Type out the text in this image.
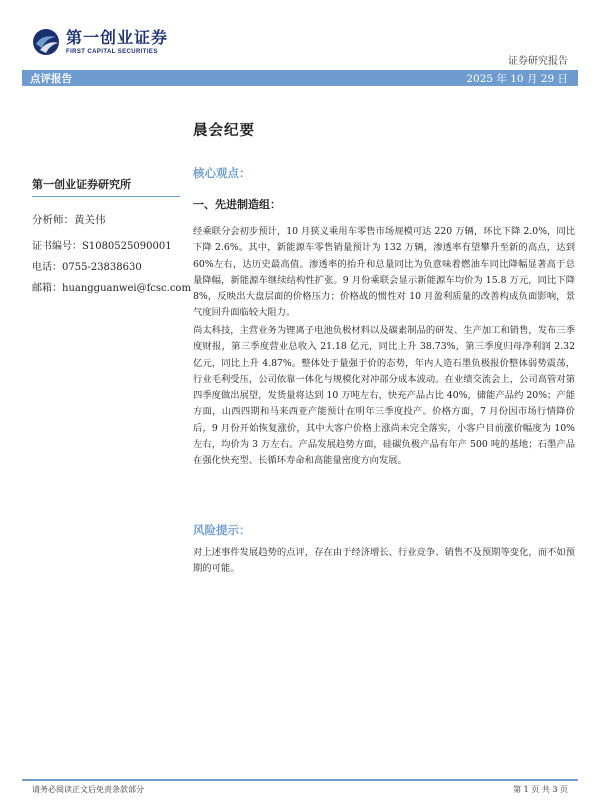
第一创业证券
FIRST CAPITAL SECURITIES
证券研究报告
点评报告	2025 年 10 月 29 日
晨会纪要
第一创业证券研究所
分析师：黄关伟
证书编号：S1080525090001
电话：0755-23838630
邮箱：huangguanwei@fcsc.com
核心观点：
一、先进制造组：

经乘联分会初步预计，10 月狭义乘用车零售市场规模可达 220 万辆，环比下降 2.0%，同比下降 2.6%。其中，新能源车零售销量预计为 132 万辆，渗透率有望攀升至新的高点，达到 60%左右，达历史最高值。渗透率的抬升和总量同比为负意味着燃油车同比降幅显著高于总量降幅，新能源车继续结构性扩张。9 月份乘联会显示新能源车均价为 15.8 万元，同比下降 8%，反映出大盘层面的价格压力；价格战的惯性对 10 月盈利质量的改善构成负面影响，景气度回升面临较大阻力。

尚太科技，主营业务为锂离子电池负极材料以及碳素制品的研发、生产加工和销售，发布三季度财报，第三季度营业总收入 21.18 亿元，同比上升 38.73%，第三季度归母净利润 2.32 亿元，同比上升 4.87%。整体处于量强于价的态势，年内人造石墨负极报价整体弱势震荡，行业毛利受压，公司依靠一体化与规模化对冲部分成本波动。在业绩交流会上，公司高管对第四季度做出展望，发货量将达到 10 万吨左右，快充产品占比 40%，储能产品约 20%；产能方面，山西四期和马来西亚产能预计在明年三季度投产。价格方面，7 月份因市场行情降价后，9 月份开始恢复涨价，其中大客户价格上涨尚未完全落实，小客户目前涨价幅度为 10%左右，均价为 3 万左右。产品发展趋势方面，硅碳负极产品有年产 500 吨的基地；石墨产品在强化快充型、长循环寿命和高能量密度方向发展。

风险提示：

对上述事件发展趋势的点评，存在由于经济增长、行业竞争、销售不及预期等变化，而不如预期的可能。

请务必阅读正文后免责条款部分	第 1 页 共 3 页
